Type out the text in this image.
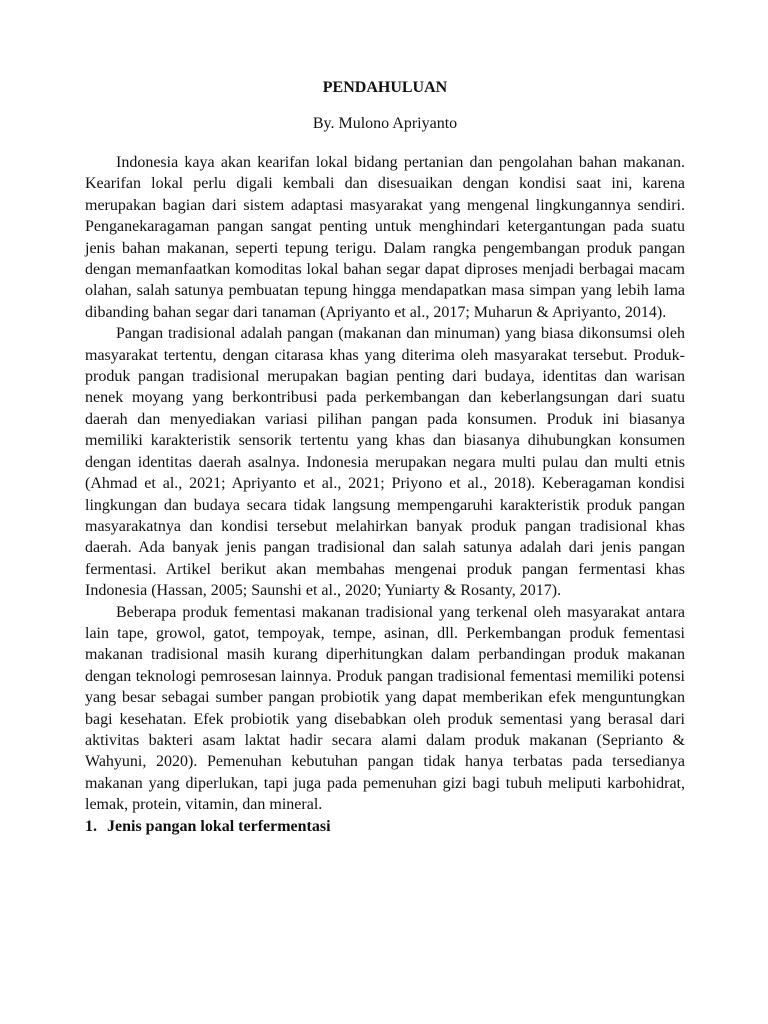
PENDAHULUAN
By. Mulono Apriyanto

Indonesia kaya akan kearifan lokal bidang pertanian dan pengolahan bahan makanan. Kearifan lokal perlu digali kembali dan disesuaikan dengan kondisi saat ini, karena merupakan bagian dari sistem adaptasi masyarakat yang mengenal lingkungannya sendiri. Penganekaragaman pangan sangat penting untuk menghindari ketergantungan pada suatu jenis bahan makanan, seperti tepung terigu. Dalam rangka pengembangan produk pangan dengan memanfaatkan komoditas lokal bahan segar dapat diproses menjadi berbagai macam olahan, salah satunya pembuatan tepung hingga mendapatkan masa simpan yang lebih lama dibanding bahan segar dari tanaman (Apriyanto et al., 2017; Muharun & Apriyanto, 2014).

Pangan tradisional adalah pangan (makanan dan minuman) yang biasa dikonsumsi oleh masyarakat tertentu, dengan citarasa khas yang diterima oleh masyarakat tersebut. Produk-produk pangan tradisional merupakan bagian penting dari budaya, identitas dan warisan nenek moyang yang berkontribusi pada perkembangan dan keberlangsungan dari suatu daerah dan menyediakan variasi pilihan pangan pada konsumen. Produk ini biasanya memiliki karakteristik sensorik tertentu yang khas dan biasanya dihubungkan konsumen dengan identitas daerah asalnya. Indonesia merupakan negara multi pulau dan multi etnis (Ahmad et al., 2021; Apriyanto et al., 2021; Priyono et al., 2018). Keberagaman kondisi lingkungan dan budaya secara tidak langsung mempengaruhi karakteristik produk pangan masyarakatnya dan kondisi tersebut melahirkan banyak produk pangan tradisional khas daerah. Ada banyak jenis pangan tradisional dan salah satunya adalah dari jenis pangan fermentasi. Artikel berikut akan membahas mengenai produk pangan fermentasi khas Indonesia (Hassan, 2005; Saunshi et al., 2020; Yuniarty & Rosanty, 2017).

Beberapa produk fementasi makanan tradisional yang terkenal oleh masyarakat antara lain tape, growol, gatot, tempoyak, tempe, asinan, dll. Perkembangan produk fementasi makanan tradisional masih kurang diperhitungkan dalam perbandingan produk makanan dengan teknologi pemrosesan lainnya. Produk pangan tradisional fementasi memiliki potensi yang besar sebagai sumber pangan probiotik yang dapat memberikan efek menguntungkan bagi kesehatan. Efek probiotik yang disebabkan oleh produk sementasi yang berasal dari aktivitas bakteri asam laktat hadir secara alami dalam produk makanan (Seprianto & Wahyuni, 2020). Pemenuhan kebutuhan pangan tidak hanya terbatas pada tersedianya makanan yang diperlukan, tapi juga pada pemenuhan gizi bagi tubuh meliputi karbohidrat, lemak, protein, vitamin, dan mineral.

1. Jenis pangan lokal terfermentasi
